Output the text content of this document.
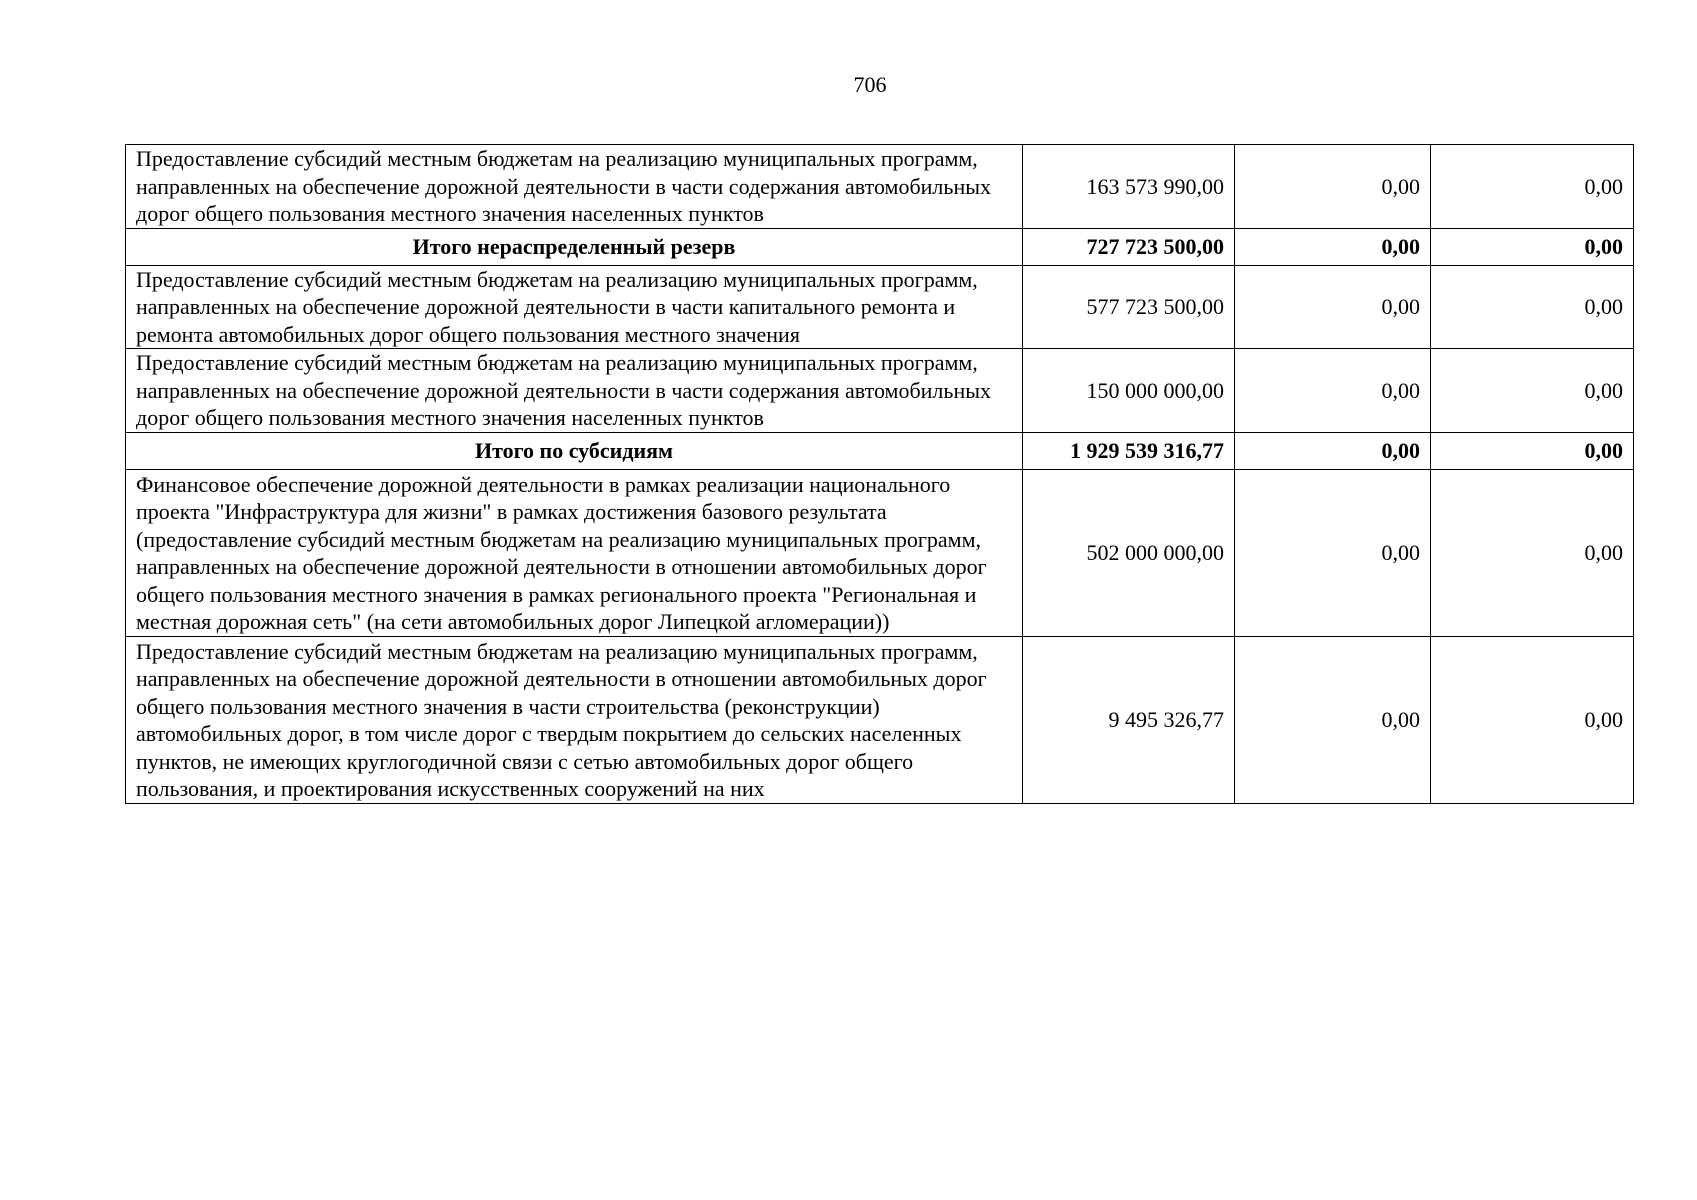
706
Предоставление субсидий местным бюджетам на реализацию муниципальных программ, направленных на обеспечение дорожной деятельности в части содержания автомобильных дорог общего пользования местного значения населенных пунктов	163 573 990,00	0,00	0,00
Итого нераспределенный резерв	727 723 500,00	0,00	0,00
Предоставление субсидий местным бюджетам на реализацию муниципальных программ, направленных на обеспечение дорожной деятельности в части капитального ремонта и ремонта автомобильных дорог общего пользования местного значения	577 723 500,00	0,00	0,00
Предоставление субсидий местным бюджетам на реализацию муниципальных программ, направленных на обеспечение дорожной деятельности в части содержания автомобильных дорог общего пользования местного значения населенных пунктов	150 000 000,00	0,00	0,00
Итого по субсидиям	1 929 539 316,77	0,00	0,00
Финансовое обеспечение дорожной деятельности в рамках реализации национального проекта "Инфраструктура для жизни" в рамках достижения базового результата (предоставление субсидий местным бюджетам на реализацию муниципальных программ, направленных на обеспечение дорожной деятельности в отношении автомобильных дорог общего пользования местного значения в рамках регионального проекта "Региональная и местная дорожная сеть" (на сети автомобильных дорог Липецкой агломерации))	502 000 000,00	0,00	0,00
Предоставление субсидий местным бюджетам на реализацию муниципальных программ, направленных на обеспечение дорожной деятельности в отношении автомобильных дорог общего пользования местного значения в части строительства (реконструкции) автомобильных дорог, в том числе дорог с твердым покрытием до сельских населенных пунктов, не имеющих круглогодичной связи с сетью автомобильных дорог общего пользования, и проектирования искусственных сооружений на них	9 495 326,77	0,00	0,00
